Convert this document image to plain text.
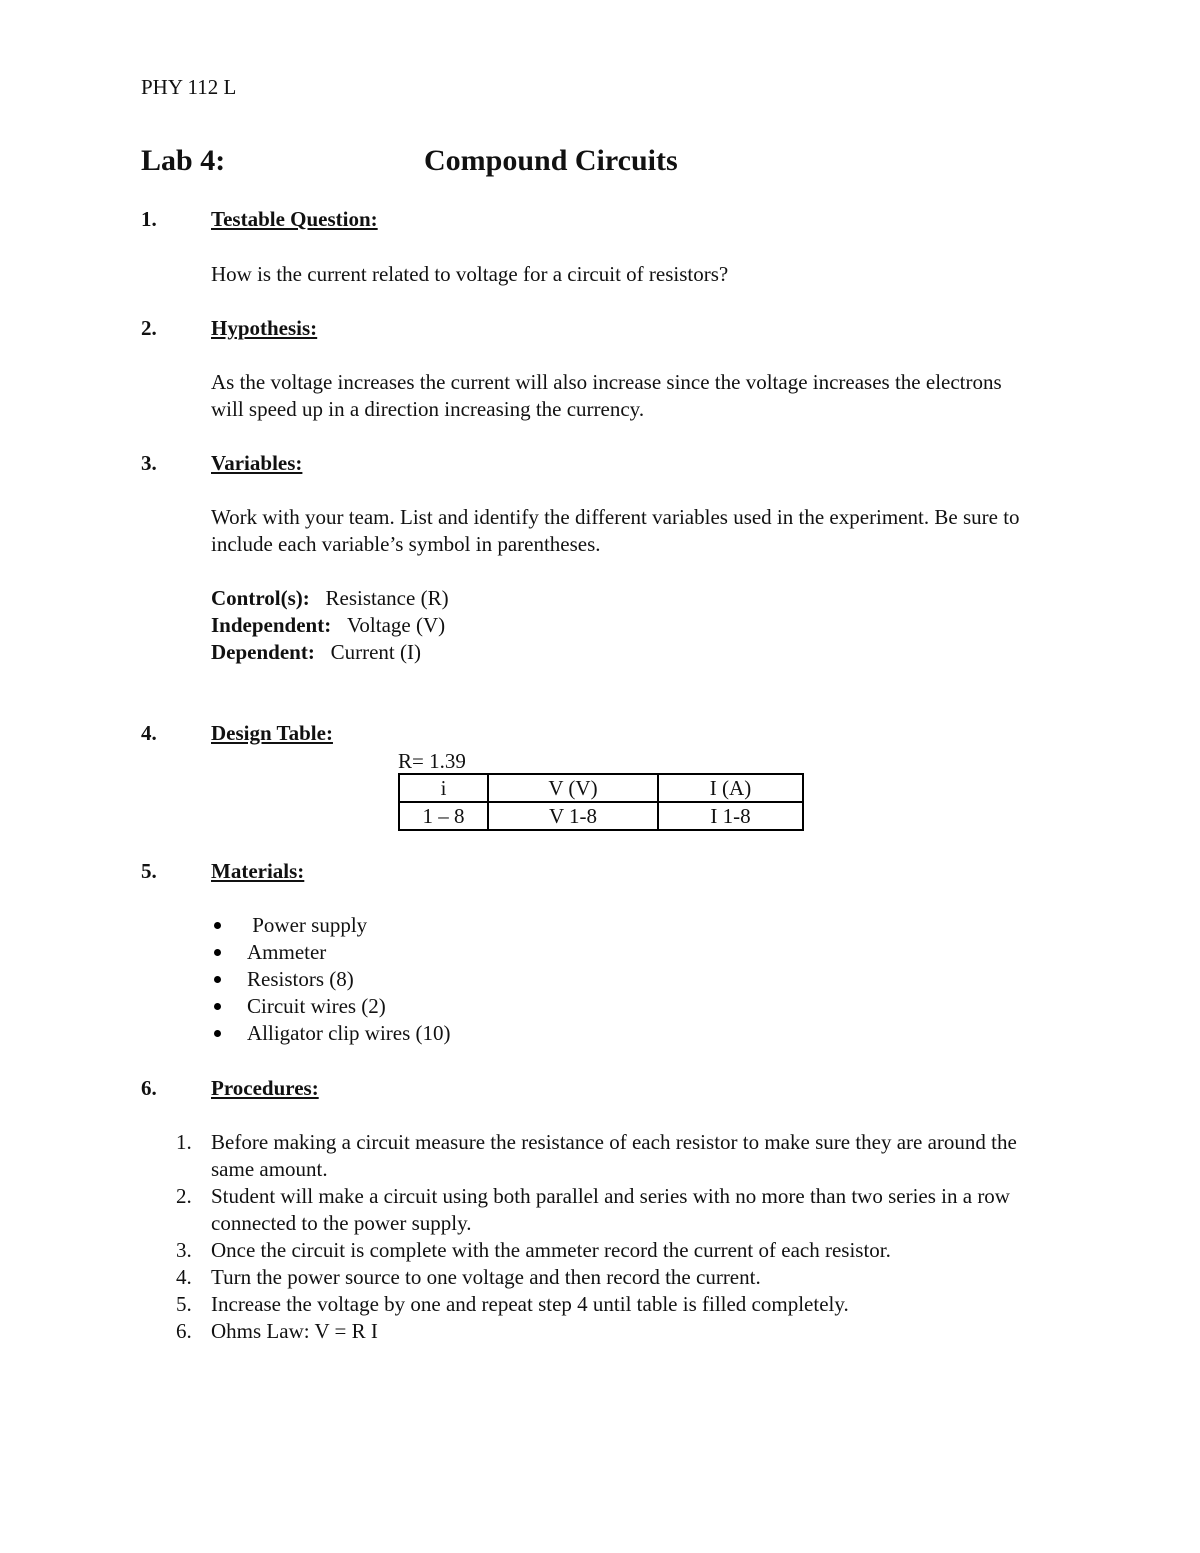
PHY 112 L
Lab 4:	Compound Circuits
1.	Testable Question:
How is the current related to voltage for a circuit of resistors?
2.	Hypothesis:
As the voltage increases the current will also increase since the voltage increases the electrons will speed up in a direction increasing the currency.
3.	Variables:
Work with your team. List and identify the different variables used in the experiment. Be sure to include each variable’s symbol in parentheses.
Control(s): Resistance (R)
Independent: Voltage (V)
Dependent: Current (I)
4.	Design Table:
R= 1.39
i	V (V)	I (A)
1 – 8	V 1-8	I 1-8
5.	Materials:
Power supply
Ammeter
Resistors (8)
Circuit wires (2)
Alligator clip wires (10)
6.	Procedures:
1. Before making a circuit measure the resistance of each resistor to make sure they are around the same amount.
2. Student will make a circuit using both parallel and series with no more than two series in a row connected to the power supply.
3. Once the circuit is complete with the ammeter record the current of each resistor.
4. Turn the power source to one voltage and then record the current.
5. Increase the voltage by one and repeat step 4 until table is filled completely.
6. Ohms Law: V = R I
